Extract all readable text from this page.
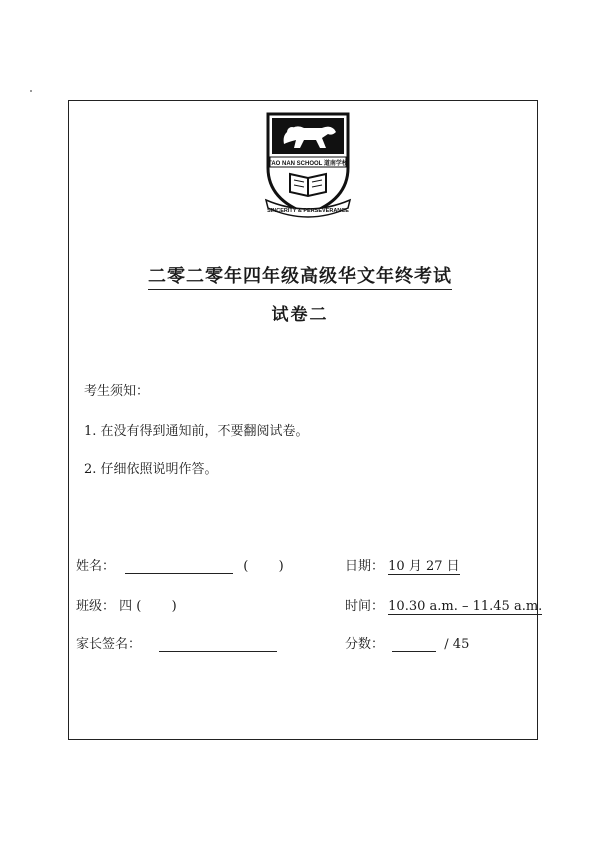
TAO NAN SCHOOL 道南学校
SINCERITY & PERSEVERANCE
二零二零年四年级高级华文年终考试
试卷二
考生须知：
1. 在没有得到通知前，不要翻阅试卷。
2. 仔细依照说明作答。
姓名：	( )
班级： 四 ( )
家长签名：
日期： 10 月 27 日
时间： 10.30 a.m. – 11.45 a.m.
分数：	/ 45
